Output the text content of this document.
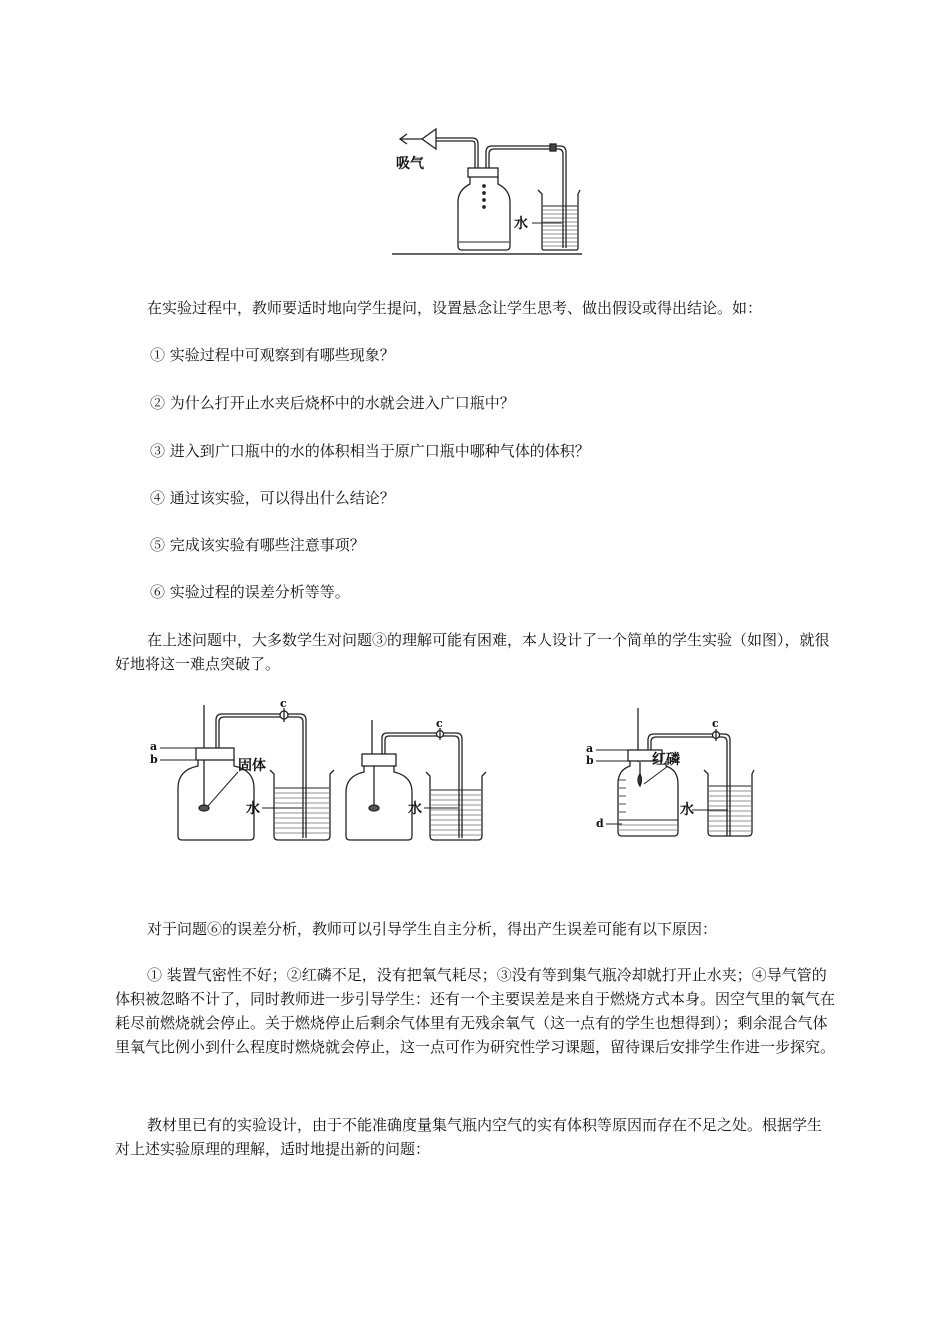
吸气
水

在实验过程中，教师要适时地向学生提问，设置悬念让学生思考、做出假设或得出结论。如：

① 实验过程中可观察到有哪些现象？

② 为什么打开止水夹后烧杯中的水就会进入广口瓶中？

③ 进入到广口瓶中的水的体积相当于原广口瓶中哪种气体的体积？

④ 通过该实验，可以得出什么结论？

⑤ 完成该实验有哪些注意事项？

⑥ 实验过程的误差分析等等。

在上述问题中，大多数学生对问题③的理解可能有困难，本人设计了一个简单的学生实验（如图），就很好地将这一难点突破了。

a
b
c
固体
水
c
水
a
b
c
d
红磷
水

对于问题⑥的误差分析，教师可以引导学生自主分析，得出产生误差可能有以下原因：

① 装置气密性不好；②红磷不足，没有把氧气耗尽；③没有等到集气瓶冷却就打开止水夹；④导气管的体积被忽略不计了，同时教师进一步引导学生：还有一个主要误差是来自于燃烧方式本身。因空气里的氧气在耗尽前燃烧就会停止。关于燃烧停止后剩余气体里有无残余氧气（这一点有的学生也想得到）；剩余混合气体里氧气比例小到什么程度时燃烧就会停止，这一点可作为研究性学习课题，留待课后安排学生作进一步探究。

教材里已有的实验设计，由于不能准确度量集气瓶内空气的实有体积等原因而存在不足之处。根据学生对上述实验原理的理解，适时地提出新的问题：
